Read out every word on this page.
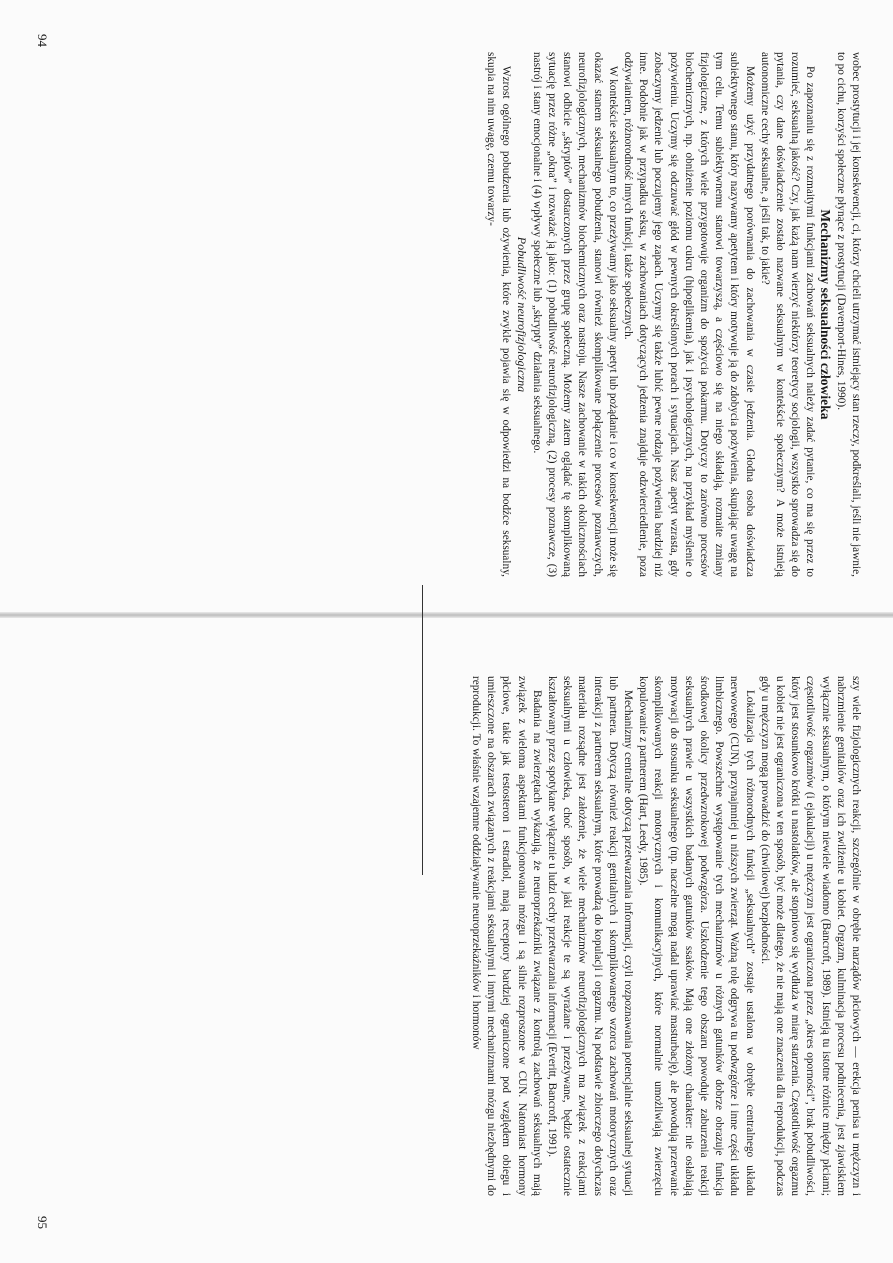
wobec prostytucji i jej konsekwencji, ci, którzy chcieli utrzymać istniejący stan rzeczy, podkreślali, jeśli nie jawnie, to po cichu, korzyści społeczne płynące z prostytucji (Davenport-Hines, 1990).

Mechanizmy seksualności człowieka

Po zapoznaniu się z rozmaitymi funkcjami zachowań seksualnych należy zadać pytanie, co ma się przez to rozumieć, seksualną jakość? Czy, jak każą nam wierzyć niektórzy teoretycy socjologii, wszystko sprowadza się do pytania, czy dane doświadczenie zostało nazwane seksualnym w kontekście społecznym? A może istnieją autonomiczne cechy seksualne, a jeśli tak, to jakie?

Możemy użyć przydatnego porównania do zachowania w czasie jedzenia. Głodna osoba doświadcza subiektywnego stanu, który nazywamy apetytem i który motywuje ją do zdobycia pożywienia, skupiając uwagę na tym celu. Temu subiektywnemu stanowi towarzyszą, a częściowo się na niego składają, rozmaite zmiany fizjologiczne, z których wiele przygotowuje organizm do spożycia pokarmu. Dotyczy to zarówno procesów biochemicznych, np. obniżenie poziomu cukru (hipoglikemia), jak i psychologicznych, na przykład myślenie o pożywieniu. Uczymy się odczuwać głód w pewnych określonych porach i sytuacjach. Nasz apetyt wzrasta, gdy zobaczymy jedzenie lub poczujemy jego zapach. Uczymy się także lubić pewne rodzaje pożywienia bardziej niż inne. Podobnie jak w przypadku seksu, w zachowaniach dotyczących jedzenia znajduje odzwierciedlenie, poza odżywianiem, różnorodność innych funkcji, także społecznych.

W kontekście seksualnym to, co przeżywamy jako seksualny apetyt lub pożądanie i co w konsekwencji może się okazać stanem seksualnego pobudzenia, stanowi również skomplikowane połączenie procesów poznawczych, neurofizjologicznych, mechanizmów biochemicznych oraz nastroju. Nasze zachowanie w takich okolicznościach stanowi odbicie „skryptów” dostarczonych przez grupę społeczną. Możemy zatem oglądać tę skomplikowaną sytuację przez różne „okna” i rozważać ją jako: (1) pobudliwość neurofizjologiczną, (2) procesy poznawcze, (3) nastrój i stany emocjonalne i (4) wpływy społeczne lub „skrypty” działania seksualnego.

Pobudliwość neurofizjologiczna

Wzrost ogólnego pobudzenia lub ożywienia, które zwykle pojawia się w odpowiedzi na bodźce seksualny, skupia na nim uwagę, czemu towarzy-

94

szy wiele fizjologicznych reakcji, szczególnie w obrębie narządów płciowych — erekcja penisa u mężczyzn i nabrzmienie genitaliów oraz ich zwilżenie u kobiet. Orgazm, kulminacja procesu podniecenia, jest zjawiskiem wyłącznie seksualnym, o którym niewiele wiadomo (Bancroft, 1989). Istnieją tu istotne różnice między płciami; częstotliwość orgazmów (i ejakulacji) u mężczyzn jest ograniczona przez „okres oporności”, brak pobudliwości, który jest stosunkowo krótki u nastolatków, ale stopniowo się wydłuża w miarę starzenia. Częstotliwość orgazmu u kobiet nie jest ograniczona w ten sposób, być może dlatego, że nie mają one znaczenia dla reprodukcji, podczas gdy u mężczyzn mogą prowadzić do (chwilowej) bezpłodności.

Lokalizacja tych różnorodnych funkcji „seksualnych” zostaje ustalona w obrębie centralnego układu nerwowego (CUN), przynajmniej u niższych zwierząt. Ważną rolę odgrywa tu podwzgórze i inne części układu limbicznego. Powszechne występowanie tych mechanizmów u różnych gatunków dobrze obrazuje funkcja środkowej okolicy przedwzrokowej podwzgórza. Uszkodzenie tego obszaru powoduje zaburzenia reakcji seksualnych prawie u wszystkich badanych gatunków ssaków. Mają one złożony charakter: nie osłabiają motywacji do stosunku seksualnego (np. naczelne mogą nadal uprawiać masturbację), ale powodują przerwanie skomplikowanych reakcji motorycznych i komunikacyjnych, które normalnie umożliwiają zwierzęciu kopulowanie z partnerem (Hart, Leedy, 1985).

Mechanizmy centralne dotyczą przetwarzania informacji, czyli rozpoznawania potencjalnie seksualnej sytuacji lub partnera. Dotyczą również reakcji genitalnych i skomplikowanego wzorca zachowań motorycznych oraz interakcji z partnerem seksualnym, które prowadzą do kopulacji i orgazmu. Na podstawie zbiorczego dotychczas materiału rozsądne jest założenie, że wiele mechanizmów neurofizjologicznych ma związek z reakcjami seksualnymi u człowieka, choć sposób, w jaki reakcje te są wyrażane i przeżywane, będzie ostatecznie kształtowany przez spotykane wyłącznie u ludzi cechy przetwarzania informacji (Everitt, Bancroft, 1991).

Badania na zwierzętach wykazują, że neuroprzekaźniki związane z kontrolą zachowań seksualnych mają związek z wieloma aspektami funkcjonowania mózgu i są silnie rozproszone w CUN. Natomiast hormony płciowe, takie jak testosteron i estradiol, mają receptory bardziej ograniczone pod względem obiegu i umieszczone na obszarach związanych z reakcjami seksualnymi i innymi mechanizmami mózgu niezbędnymi do reprodukcji. To właśnie wzajemne oddziaływanie neuroprzekaźników i hormonów

95
